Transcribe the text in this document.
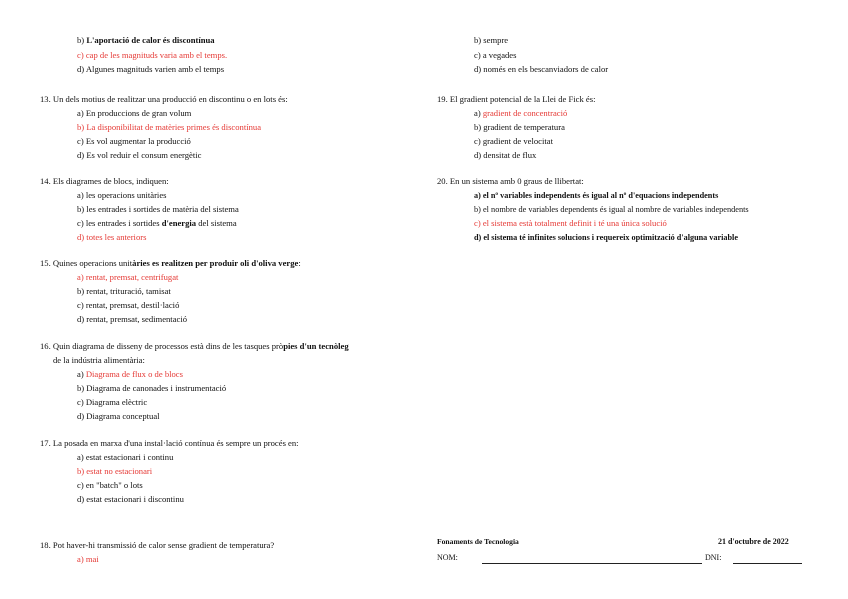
b) L'aportació de calor és discontínua
c) cap de les magnituds varia amb el temps.
d) Algunes magnituds varien amb el temps
13. Un dels motius de realitzar una producció en discontinu o en lots és:
a) En produccions de gran volum
b) La disponibilitat de matèries primes és discontínua
c) Es vol augmentar la producció
d) Es vol reduir el consum energètic
14. Els diagrames de blocs, indiquen:
a) les operacions unitàries
b) les entrades i sortides de matèria del sistema
c) les entrades i sortides d'energia del sistema
d) totes les anteriors
15. Quines operacions unitàries es realitzen per produir oli d'oliva verge:
a) rentat, premsat, centrifugat
b) rentat, trituració, tamisat
c) rentat, premsat, destil·lació
d) rentat, premsat, sedimentació
16. Quin diagrama de disseny de processos està dins de les tasques pròpies d'un tecnòleg
de la indústria alimentària:
a) Diagrama de flux o de blocs
b) Diagrama de canonades i instrumentació
c) Diagrama elèctric
d) Diagrama conceptual
17. La posada en marxa d'una instal·lació contínua és sempre un procés en:
a) estat estacionari i continu
b) estat no estacionari
c) en "batch" o lots
d) estat estacionari i discontinu
18. Pot haver-hi transmissió de calor sense gradient de temperatura?
a) mai
b) sempre
c) a vegades
d) només en els bescanviadors de calor
19. El gradient potencial de la Llei de Fick és:
a) gradient de concentració
b) gradient de temperatura
c) gradient de velocitat
d) densitat de flux
20. En un sistema amb 0 graus de llibertat:
a) el nº variables independents és igual al nº d'equacions independents
b) el nombre de variables dependents és igual al nombre de variables independents
c) el sistema està totalment definit i té una única solució
d) el sistema té infinites solucions i requereix optimització d'alguna variable
Fonaments de Tecnologia	21 d'octubre de 2022
NOM:	DNI:
